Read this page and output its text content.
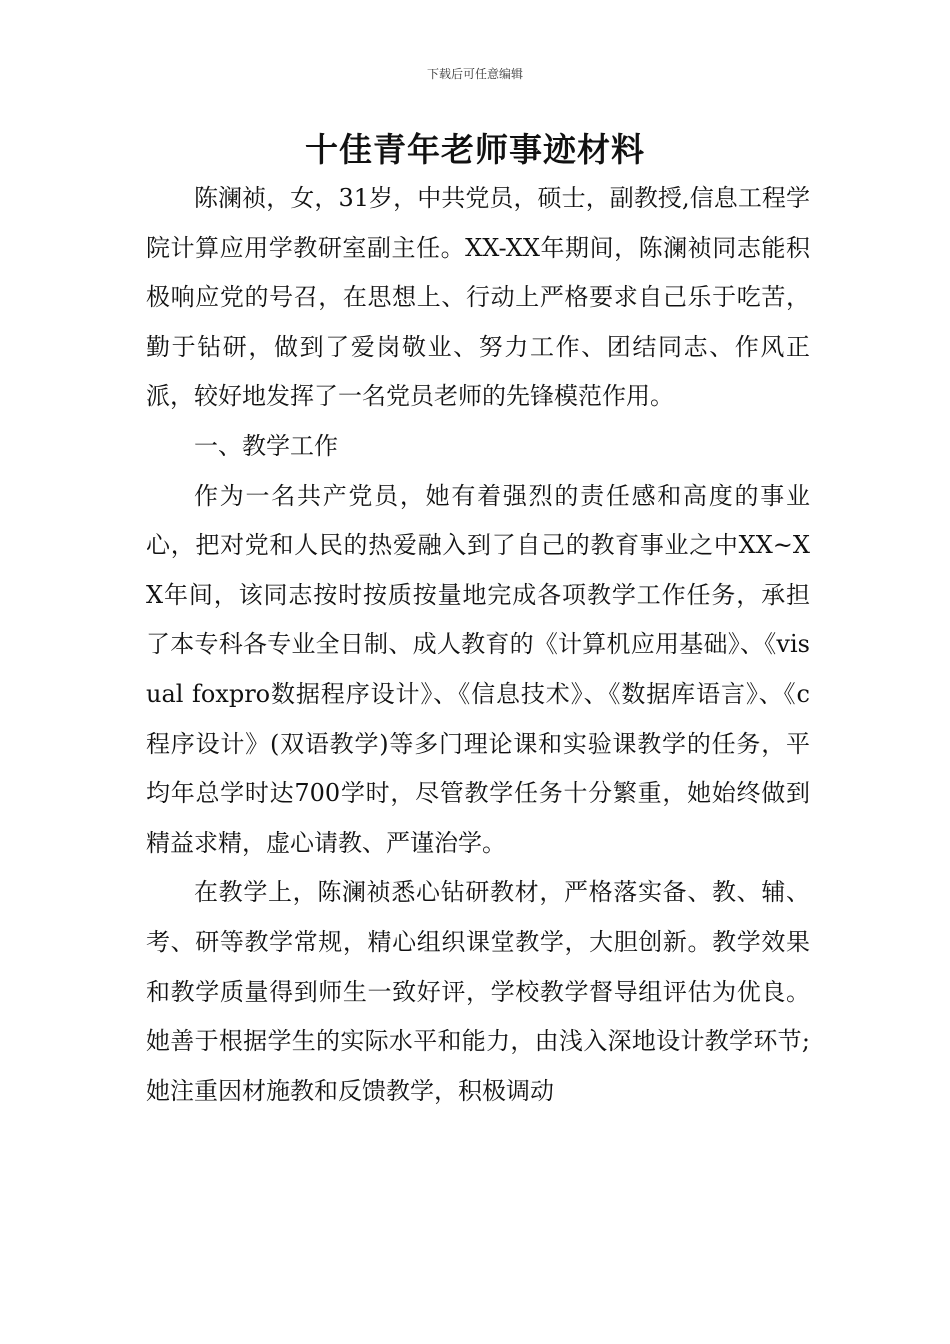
下载后可任意编辑
十佳青年老师事迹材料

陈澜祯，女，31岁，中共党员，硕士，副教授,信息工程学院计算应用学教研室副主任。XX-XX年期间，陈澜祯同志能积极响应党的号召，在思想上、行动上严格要求自己乐于吃苦，勤于钻研，做到了爱岗敬业、努力工作、团结同志、作风正派，较好地发挥了一名党员老师的先锋模范作用。

一、教学工作

作为一名共产党员，她有着强烈的责任感和高度的事业心，把对党和人民的热爱融入到了自己的教育事业之中XX~XX年间，该同志按时按质按量地完成各项教学工作任务，承担了本专科各专业全日制、成人教育的《计算机应用基础》、《visual foxpro数据程序设计》、《信息技术》、《数据库语言》、《c程序设计》(双语教学)等多门理论课和实验课教学的任务，平均年总学时达700学时，尽管教学任务十分繁重，她始终做到精益求精，虚心请教、严谨治学。

在教学上，陈澜祯悉心钻研教材，严格落实备、教、辅、考、研等教学常规，精心组织课堂教学，大胆创新。教学效果和教学质量得到师生一致好评，学校教学督导组评估为优良。她善于根据学生的实际水平和能力，由浅入深地设计教学环节;她注重因材施教和反馈教学，积极调动
